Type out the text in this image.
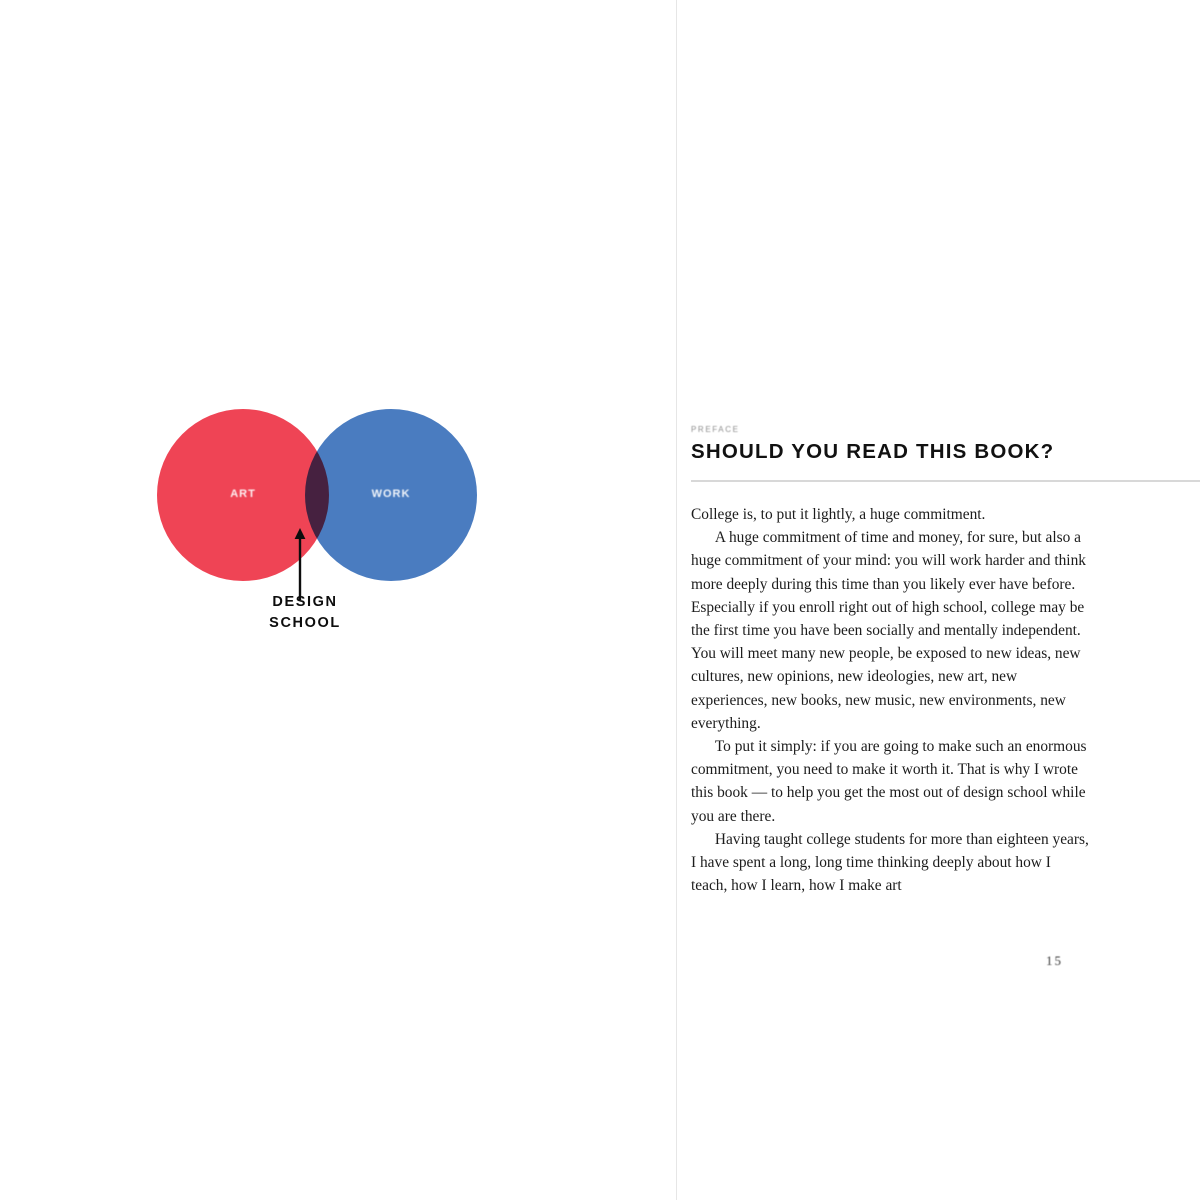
ART	WORK
DESIGN
SCHOOL
PREFACE
SHOULD YOU READ THIS BOOK?

College is, to put it lightly, a huge commitment.

A huge commitment of time and money, for sure, but also a huge commitment of your mind: you will work harder and think more deeply during this time than you likely ever have before. Especially if you enroll right out of high school, college may be the first time you have been socially and mentally independent. You will meet many new people, be exposed to new ideas, new cultures, new opinions, new ideologies, new art, new experiences, new books, new music, new environments, new everything.

To put it simply: if you are going to make such an enormous commitment, you need to make it worth it. That is why I wrote this book — to help you get the most out of design school while you are there.

Having taught college students for more than eighteen years, I have spent a long, long time thinking deeply about how I teach, how I learn, how I make art

15
